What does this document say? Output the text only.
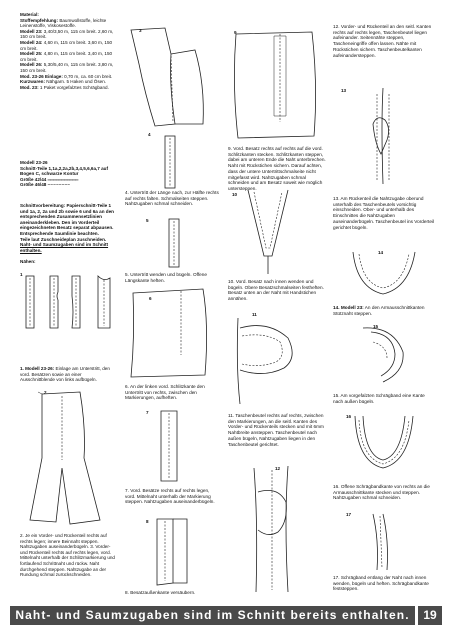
Material:

Stoffempfehlung: Baumwollstoffe, leichte Leinenstoffe, Viskosestoffe.

Modell 23: 3,40/3,50 m, 115 cm breit. 2,60 m, 150 cm breit.

Modell 24: 4,60 m, 115 cm breit. 3,60 m, 150 cm breit.

Modell 25: 4,80 m, 115 cm breit. 3,40 m, 150 cm breit.

Modell 26: 5,30/5,40 m, 115 cm breit. 3,80 m, 150 cm breit.

Mod. 23-26 Einlage: 0,70 m, ca. 60 cm breit.

Kurzwaren: Nähgarn. 5 Haken und Ösen.

Mod. 23: 1 Paket vorgefalztes Schrägband.

Modell 23-26

Schnitt-Teile 1,1a,2,2a,2b,3,4,5,6,6a,7 auf Bogen C, schwarze Kontur

Größe 42/44 ═══════════

Größe 46/48 – – – – – – – –

Schnittvorbereitung: Papierschnitt-Teile 1 und 1a, 2, 2a und 2b sowie 6 und 6a an den entsprechenden Zusammensetzlinien aneinanderkleben. Den im Vorderteil eingezeichneten Besatz separat abpausen. Entsprechende Saumlinie beachten.

Teile laut Zuschneideplan zuschneiden.

Naht- und Saumzugaben sind im Schnitt enthalten.

Nähen:

1

1. Modell 23-26: Einlage am Unterstritt, den vord. Besätzen sowie an einer Ausschnittblende von links aufbügeln.

2

2. Je ein Vorder- und Rückenteil rechts auf rechts legen; innere Beinnaht steppen. Nahtzugaben auseinanderbügeln. 3. Vorder- und Rückenteil rechts auf rechts legen, vord. Mittelnaht unterhalb der Schlitzmarkierung und fortlaufend Schrittnaht und rückw. Naht durchgehend steppen. Nahtzugabe an der Rundung schmal zurückschneiden.

3
4

4. Untertritt der Länge nach, zur Hälfte rechts auf rechts falten. Schmalseiten steppen. Nahtzugaben schmal schneiden.

5

5. Untertritt wenden und bügeln. Offene Längskante heften.

6

6. An der linken vord. Schlitzkante den Untertritt von rechts, zwischen den Markierungen, aufheften.

7

7. Vord. Besätze rechts auf rechts legen, vord. Mittelnaht unterhalb der Markierung steppen. Nahtzugaben auseinanderbügeln.

8

8. Besatzaußenkante versäubern.

9

9. Vord. Besatz rechts auf rechts auf die vord. Schlitzkanten stecken. Schlitzkanten steppen, dabei am unteren Ende die Naht unterbrechen. Naht mit Rückstichen sichern. Darauf achten, dass der untere Untertrittschmalseite nicht mitgefasst wird. Nahtzugaben schmal schneiden und am Besatz soweit wie möglich untersteppen.

10

10. Vord. Besatz nach innen wenden und bügeln. Obere Besatzschmalseiten festheften. Besatz unten an der Naht mit Handstichen annähen.

11

11. Taschenbeutel rechts auf rechts, zwischen den Markierungen, an die seitl. Kanten des Vorder- und Rückenteils stecken und mit 6mm Nahtbreite ansteppen. Taschenbeutel nach außen bügeln, Nahtzugaben liegen in den Taschenbeutel gerichtet.

12

12. Vorder- und Rückenteil an den seitl. Kanten rechts auf rechts legen, Taschenbeutel liegen aufeinander. Seitennähte steppen, Tascheneingriffe offen lassen. Nähte mit Rückstichen sichern. Taschenbeutelkanten aufeinandersteppen.

13

13. Am Rückenteil die Nahtzugabe oberund unterhalb des Taschenbeutels vorsichtig einschneiden. Ober- und unterhalb des Einschnittes die Nahtzugaben auseinanderbügeln. Taschenbeutel ins Vorderteil gerichtet bügeln.

14

14. Modell 23: An den Armausschnittkanten Stütznaht steppen.

15

15. Am vorgefalzten Schrägband eine Kante nach außen bügeln.

16

16. Offene Schrägbandkante von rechts an die Armausschnittkante stecken und steppen. Nahtzugaben schmal schneiden.

17

17. Schrägband entlang der Naht nach innen wenden, bügeln und heften. Schrägbandkante feststeppen.

Naht- und Saumzugaben sind im Schnitt bereits enthalten.	19
